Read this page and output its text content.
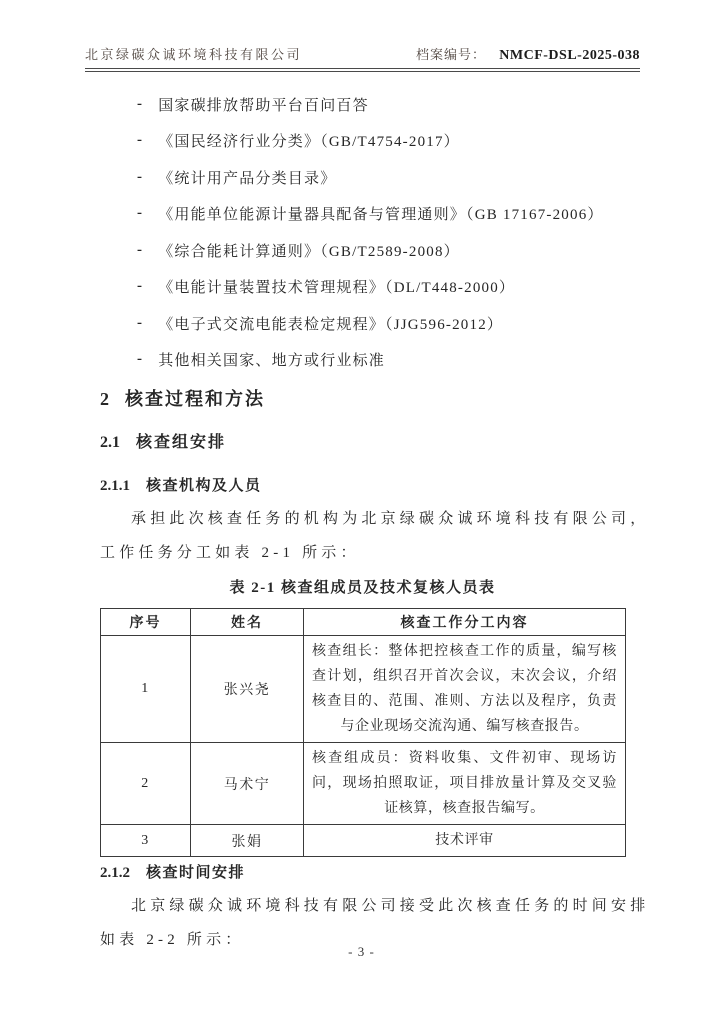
北京绿碳众诚环境科技有限公司	档案编号： NMCF-DSL-2025-038
- 国家碳排放帮助平台百问百答
- 《国民经济行业分类》（GB/T4754-2017）
- 《统计用产品分类目录》
- 《用能单位能源计量器具配备与管理通则》（GB 17167-2006）
- 《综合能耗计算通则》（GB/T2589-2008）
- 《电能计量装置技术管理规程》（DL/T448-2000）
- 《电子式交流电能表检定规程》（JJG596-2012）
- 其他相关国家、地方或行业标准
2 核查过程和方法
2.1 核查组安排
2.1.1 核查机构及人员
承担此次核查任务的机构为北京绿碳众诚环境科技有限公司，
工作任务分工如表 2-1 所示：
表 2-1 核查组成员及技术复核人员表
序号	姓名	核查工作分工内容
1	张兴尧	核查组长：整体把控核查工作的质量，编写核查计划，组织召开首次会议，末次会议，介绍核查目的、范围、准则、方法以及程序，负责与企业现场交流沟通、编写核查报告。
2	马术宁	核查组成员：资料收集、文件初审、现场访问，现场拍照取证，项目排放量计算及交叉验证核算，核查报告编写。
3	张娟	技术评审
2.1.2 核查时间安排
北京绿碳众诚环境科技有限公司接受此次核查任务的时间安排
如表 2-2 所示：
- 3 -
